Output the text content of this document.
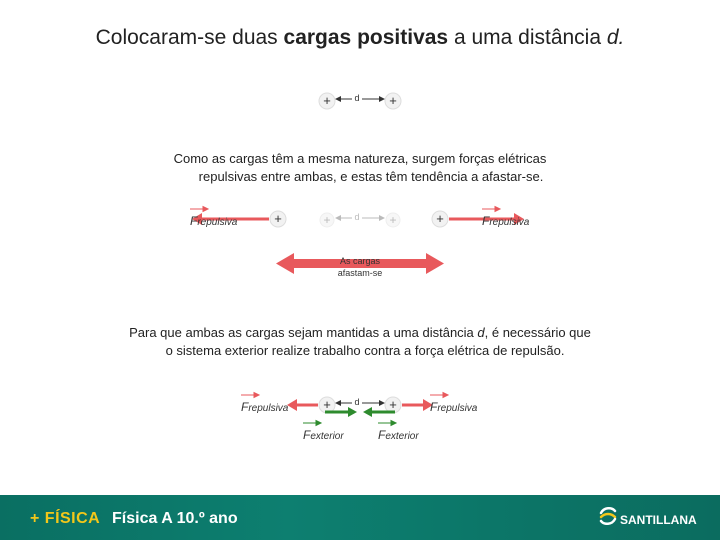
Colocaram-se duas cargas positivas a uma distância d.
+	+
d
+	+
d
+	+
+	+
d
Como as cargas têm a mesma natureza, surgem forças elétricas
repulsivas entre ambas, e estas têm tendência a afastar-se.
Frepulsiva	Frepulsiva
As cargas
afastam-se
Para que ambas as cargas sejam mantidas a uma distância d, é necessário que
o sistema exterior realize trabalho contra a força elétrica de repulsão.
Frepulsiva	Frepulsiva
Fexterior	Fexterior
+ FÍSICA Física A 10.º ano	SANTILLANA
